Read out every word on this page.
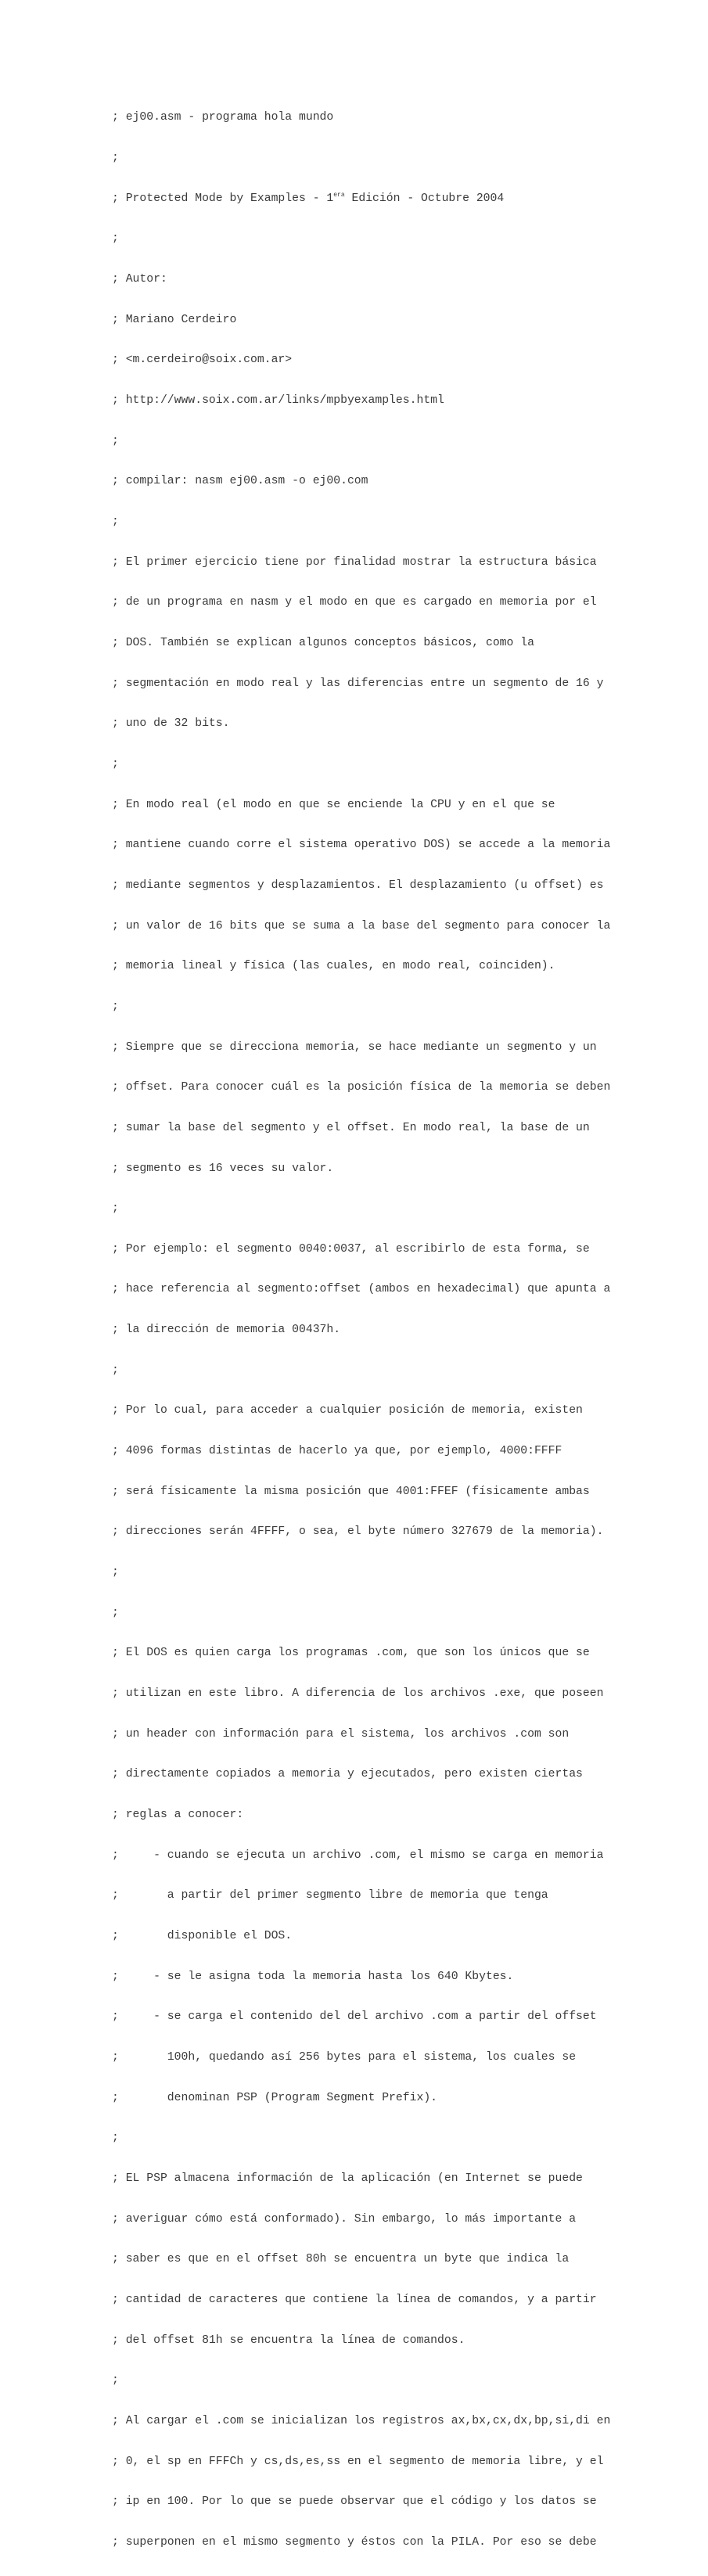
; ej00.asm - programa hola mundo

;

; Protected Mode by Examples - $1^{era}$ Edición - Octubre 2004

;

; Autor:

; Mariano Cerdeiro

; <m.cerdeiro@soix.com.ar>

; http://www.soix.com.ar/links/mpbyexamples.html

;

; compilar: nasm ej00.asm -o ej00.com

;

; El primer ejercicio tiene por finalidad mostrar la estructura básica

; de un programa en nasm y el modo en que es cargado en memoria por el

; DOS. También se explican algunos conceptos básicos, como la

; segmentación en modo real y las diferencias entre un segmento de 16 y

; uno de 32 bits.

;

; En modo real (el modo en que se enciende la CPU y en el que se

; mantiene cuando corre el sistema operativo DOS) se accede a la memoria

; mediante segmentos y desplazamientos. El desplazamiento (u offset) es

; un valor de 16 bits que se suma a la base del segmento para conocer la

; memoria lineal y física (las cuales, en modo real, coinciden).

;

; Siempre que se direcciona memoria, se hace mediante un segmento y un

; offset. Para conocer cuál es la posición física de la memoria se deben

; sumar la base del segmento y el offset. En modo real, la base de un

; segmento es 16 veces su valor.

;

; Por ejemplo: el segmento 0040:0037, al escribirlo de esta forma, se

; hace referencia al segmento:offset (ambos en hexadecimal) que apunta a

; la dirección de memoria 00437h.

;

; Por lo cual, para acceder a cualquier posición de memoria, existen

; 4096 formas distintas de hacerlo ya que, por ejemplo, 4000:FFFF

; será físicamente la misma posición que 4001:FFEF (físicamente ambas

; direcciones serán 4FFFF, o sea, el byte número 327679 de la memoria).

;

;

; El DOS es quien carga los programas .com, que son los únicos que se

; utilizan en este libro. A diferencia de los archivos .exe, que poseen

; un header con información para el sistema, los archivos .com son

; directamente copiados a memoria y ejecutados, pero existen ciertas

; reglas a conocer:

;     - cuando se ejecuta un archivo .com, el mismo se carga en memoria

;       a partir del primer segmento libre de memoria que tenga

;       disponible el DOS.

;     - se le asigna toda la memoria hasta los 640 Kbytes.

;     - se carga el contenido del del archivo .com a partir del offset

;       100h, quedando así 256 bytes para el sistema, los cuales se

;       denominan PSP (Program Segment Prefix).

;

; EL PSP almacena información de la aplicación (en Internet se puede

; averiguar cómo está conformado). Sin embargo, lo más importante a

; saber es que en el offset 80h se encuentra un byte que indica la

; cantidad de caracteres que contiene la línea de comandos, y a partir

; del offset 81h se encuentra la línea de comandos.

;

; Al cargar el .com se inicializan los registros ax,bx,cx,dx,bp,si,di en

; 0, el sp en FFFCh y cs,ds,es,ss en el segmento de memoria libre, y el

; ip en 100. Por lo que se puede observar que el código y los datos se

; superponen en el mismo segmento y éstos con la PILA. Por eso se debe
